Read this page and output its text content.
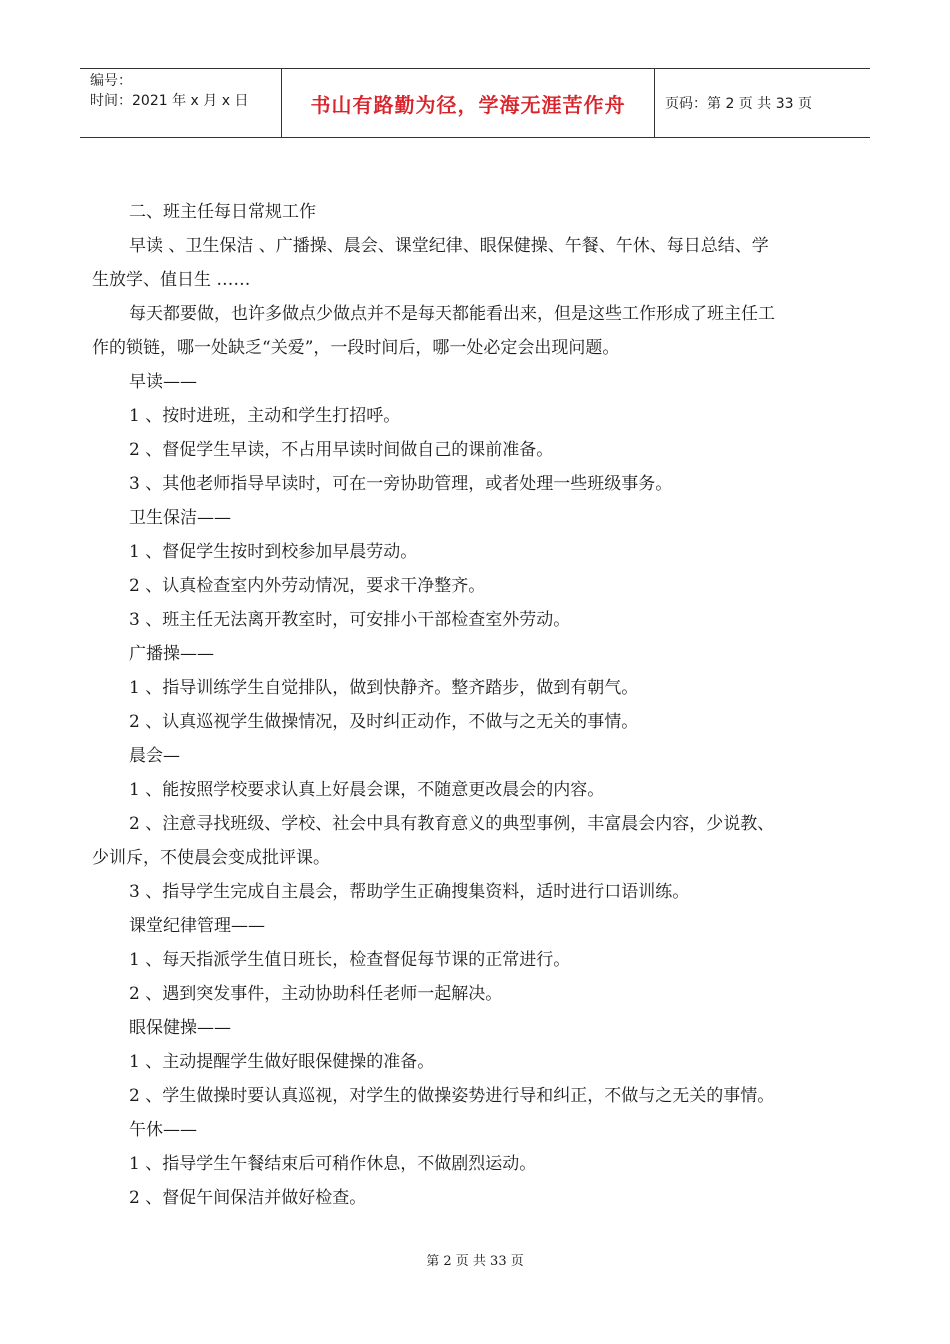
编号：
时间：2021 年 x 月 x 日	书山有路勤为径，学海无涯苦作舟	页码：第 2 页 共 33 页
二、班主任每日常规工作
早读 、卫生保洁 、广播操、晨会、课堂纪律、眼保健操、午餐、午休、每日总结、学
生放学、值日生 ……
每天都要做，也许多做点少做点并不是每天都能看出来，但是这些工作形成了班主任工
作的锁链，哪一处缺乏“关爱”，一段时间后，哪一处必定会出现问题。
早读——
1 、按时进班，主动和学生打招呼。
2 、督促学生早读，不占用早读时间做自己的课前准备。
3 、其他老师指导早读时，可在一旁协助管理，或者处理一些班级事务。
卫生保洁——
1 、督促学生按时到校参加早晨劳动。
2 、认真检查室内外劳动情况，要求干净整齐。
3 、班主任无法离开教室时，可安排小干部检查室外劳动。
广播操——
1 、指导训练学生自觉排队，做到快静齐。整齐踏步，做到有朝气。
2 、认真巡视学生做操情况，及时纠正动作，不做与之无关的事情。
晨会—
1 、能按照学校要求认真上好晨会课，不随意更改晨会的内容。
2 、注意寻找班级、学校、社会中具有教育意义的典型事例，丰富晨会内容，少说教、
少训斥，不使晨会变成批评课。
3 、指导学生完成自主晨会，帮助学生正确搜集资料，适时进行口语训练。
课堂纪律管理——
1 、每天指派学生值日班长，检查督促每节课的正常进行。
2 、遇到突发事件，主动协助科任老师一起解决。
眼保健操——
1 、主动提醒学生做好眼保健操的准备。
2 、学生做操时要认真巡视，对学生的做操姿势进行导和纠正，不做与之无关的事情。
午休——
1 、指导学生午餐结束后可稍作休息，不做剧烈运动。
2 、督促午间保洁并做好检查。
第 2 页 共 33 页
